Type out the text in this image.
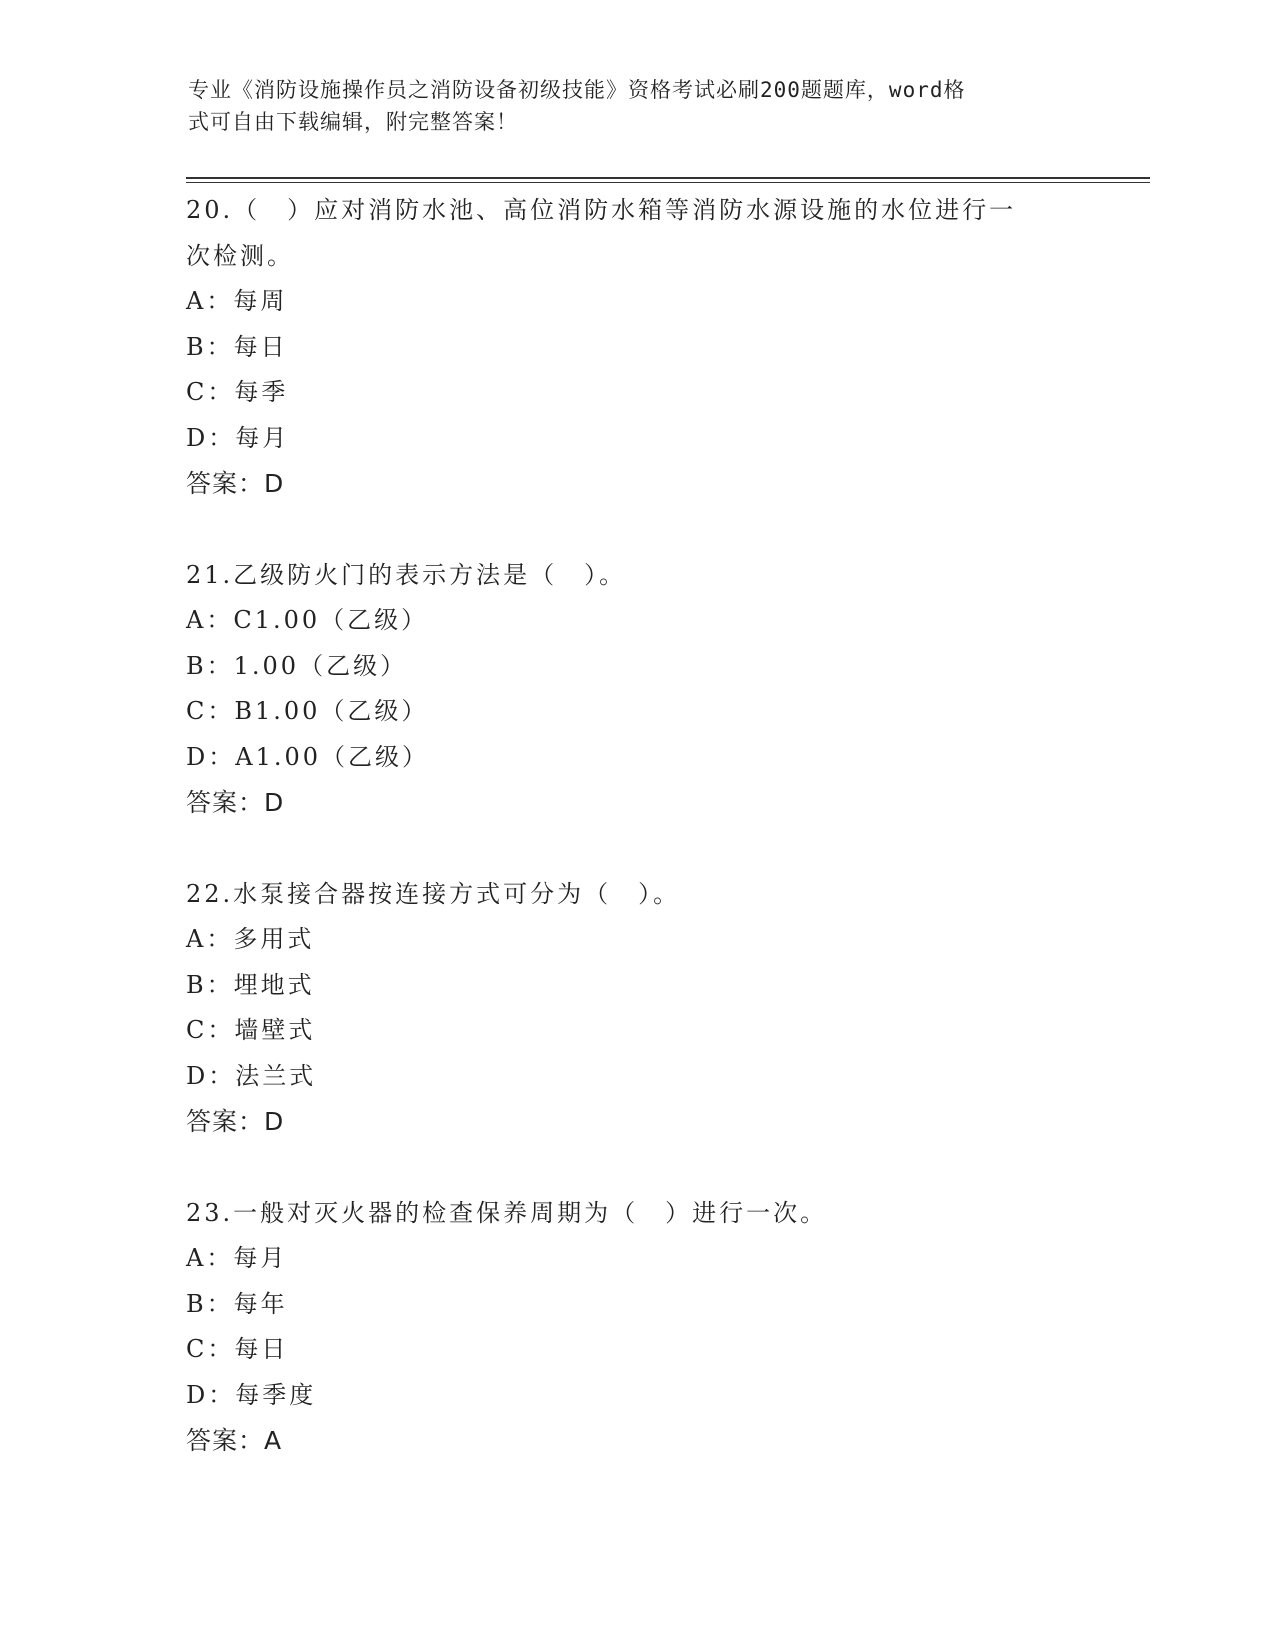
专业《消防设施操作员之消防设备初级技能》资格考试必刷200题题库，word格
式可自由下载编辑，附完整答案！

20.（　）应对消防水池、高位消防水箱等消防水源设施的水位进行一

次检测。

A：每周

B：每日

C：每季

D：每月

答案：D

21.乙级防火门的表示方法是（　）。

A：C1.00（乙级）

B：1.00（乙级）

C：B1.00（乙级）

D：A1.00（乙级）

答案：D

22.水泵接合器按连接方式可分为（　）。

A：多用式

B：埋地式

C：墙壁式

D：法兰式

答案：D

23.一般对灭火器的检查保养周期为（　）进行一次。

A：每月

B：每年

C：每日

D：每季度

答案：A
